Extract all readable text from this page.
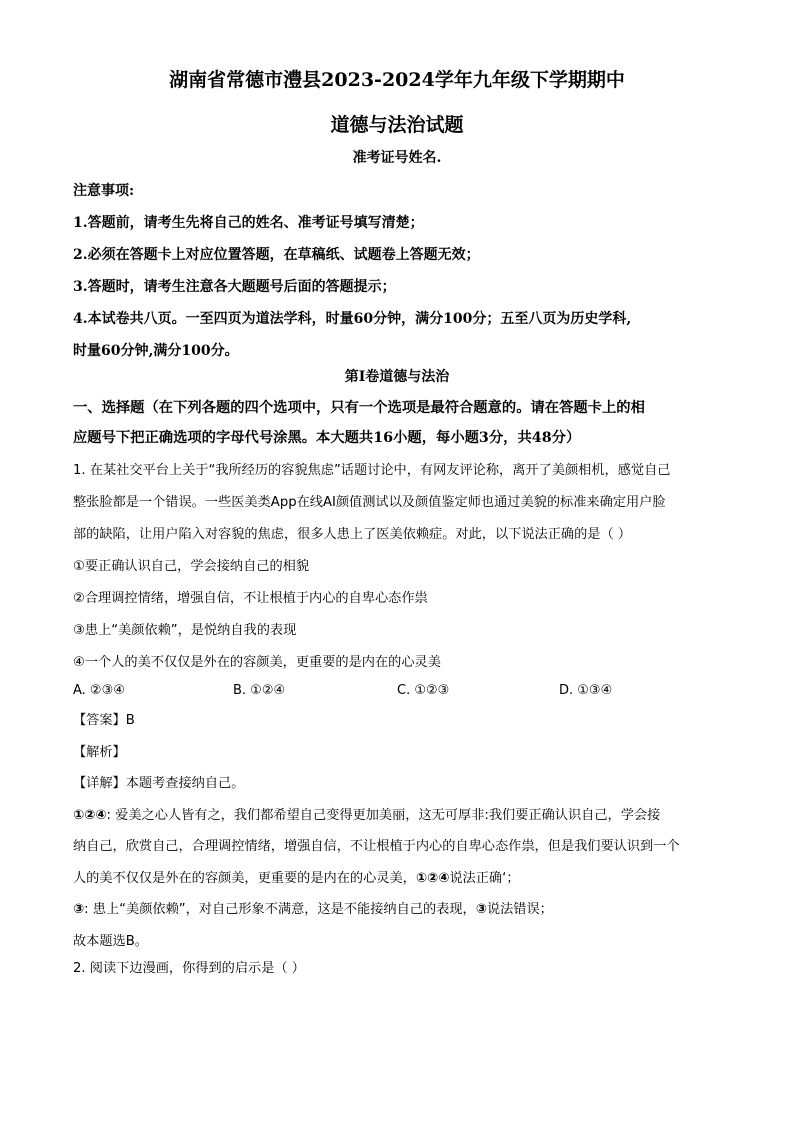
湖南省常德市澧县2023-2024学年九年级下学期期中
道德与法治试题
准考证号姓名.
注意事项:
1.答题前，请考生先将自己的姓名、准考证号填写清楚；
2.必须在答题卡上对应位置答题，在草稿纸、试题卷上答题无效；
3.答题时，请考生注意各大题题号后面的答题提示；
4.本试卷共八页。一至四页为道法学科，时量60分钟，满分100分；五至八页为历史学科,
时量60分钟,满分100分。
第I卷道德与法治
一、选择题（在下列各题的四个选项中，只有一个选项是最符合题意的。请在答题卡上的相
应题号下把正确选项的字母代号涂黑。本大题共16小题，每小题3分，共48分）
1. 在某社交平台上关于“我所经历的容貌焦虑”话题讨论中，有网友评论称，离开了美颜相机，感觉自己
整张脸都是一个错误。一些医美类App在线AI颜值测试以及颜值鉴定师也通过美貌的标准来确定用户脸
部的缺陷，让用户陷入对容貌的焦虑，很多人患上了医美依赖症。对此，以下说法正确的是（ ）
①要正确认识自己，学会接纳自己的相貌
②合理调控情绪，增强自信，不让根植于内心的自卑心态作祟
③患上“美颜依赖”，是悦纳自我的表现
④一个人的美不仅仅是外在的容颜美，更重要的是内在的心灵美
A. ②③④	B. ①②④	C. ①②③	D. ①③④
【答案】B
【解析】
【详解】本题考查接纳自己。
①②④: 爱美之心人皆有之，我们都希望自己变得更加美丽，这无可厚非:我们要正确认识自己，学会接
纳自己，欣赏自己，合理调控情绪，增强自信，不让根植于内心的自卑心态作祟，但是我们要认识到一个
人的美不仅仅是外在的容颜美，更重要的是内在的心灵美，①②④说法正确‘；
③: 患上“美颜依赖”，对自己形象不满意，这是不能接纳自己的表现，③说法错误；
故本题选B。
2. 阅读下边漫画，你得到的启示是（ ）
